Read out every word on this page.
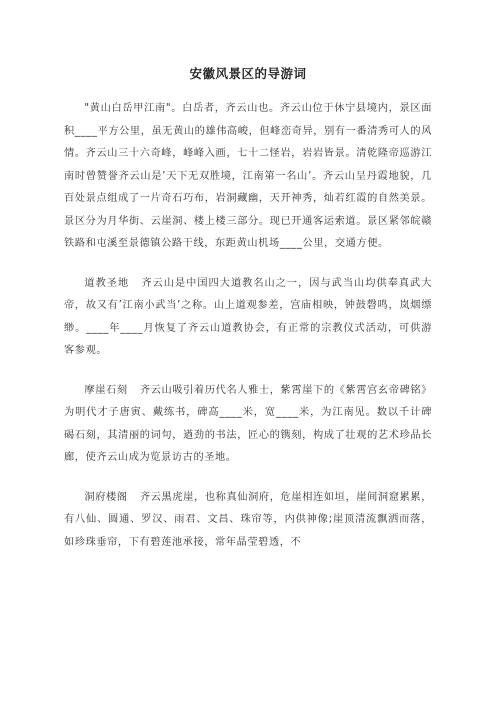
安徽风景区的导游词

"黄山白岳甲江南"。白岳者，齐云山也。齐云山位于休宁县境内，景区面积____平方公里，虽无黄山的雄伟高峻，但峰峦奇异，别有一番清秀可人的风情。齐云山三十六奇峰，峰峰入画，七十二怪岩，岩岩皆景。清乾隆帝巡游江南时曾赞誉齐云山是’天下无双胜境，江南第一名山’。齐云山呈丹霞地貌，几百处景点组成了一片奇石巧布，岩洞藏幽，天开神秀，灿若红霞的自然美景。景区分为月华街、云崖洞、楼上楼三部分。现已开通客运索道。景区紧邻皖赣铁路和屯溪至景德镇公路干线，东距黄山机场____公里，交通方便。

道教圣地 齐云山是中国四大道教名山之一，因与武当山均供奉真武大帝，故又有’江南小武当’之称。山上道观参差，宫庙相映，钟鼓磬鸣，岚烟缥缈。____年____月恢复了齐云山道教协会，有正常的宗教仪式活动，可供游客参观。

摩崖石刻 齐云山吸引着历代名人雅士，紫霄崖下的《紫霄宫玄帝碑铭》为明代才子唐寅、戴练书，碑高____米，宽____米，为江南见。数以千计碑碣石刻，其清丽的词句，遒劲的书法，匠心的镌刻，构成了壮观的艺术珍品长廊，使齐云山成为览景访古的圣地。

洞府楼阁 齐云黑虎崖，也称真仙洞府，危崖相连如垣，崖间洞窟累累，有八仙、圆通、罗汉、雨君、文昌、珠帘等，内供神像;崖顶清流飘洒而落，如珍珠垂帘，下有碧莲池承接，常年晶莹碧透，不
